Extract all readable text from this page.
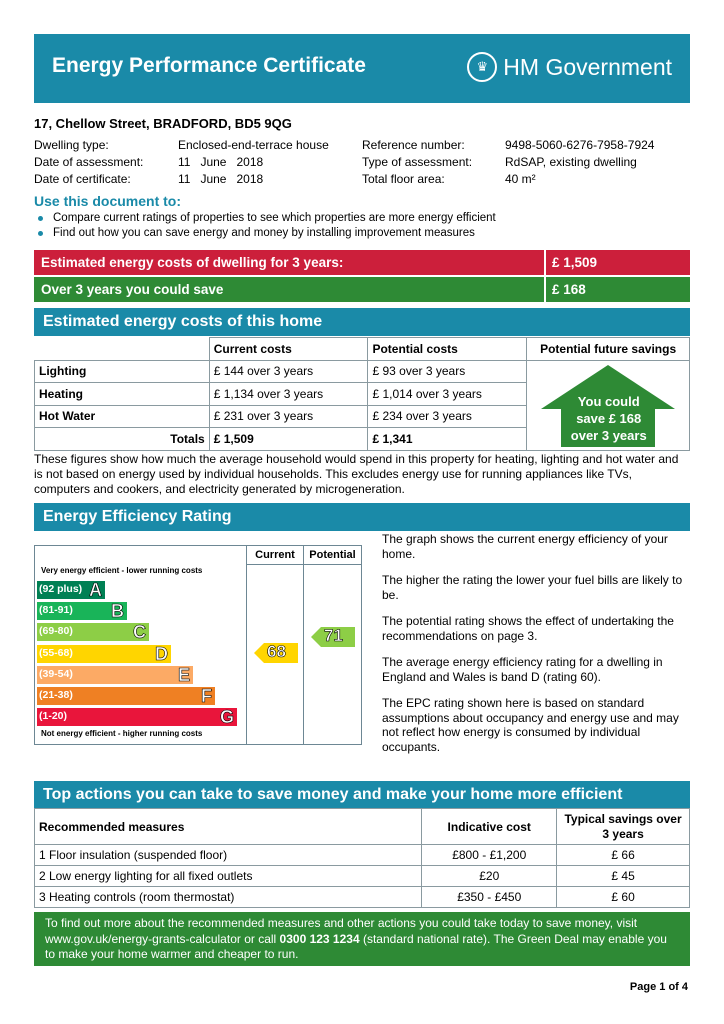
Energy Performance Certificate	♛ HM Government
17, Chellow Street, BRADFORD, BD5 9QG
Dwelling type:	Enclosed-end-terrace house
Date of assessment:	11   June   2018
Date of certificate:	11   June   2018
Reference number:	9498-5060-6276-7958-7924
Type of assessment:	RdSAP, existing dwelling
Total floor area:	40 m²
Use this document to:
Compare current ratings of properties to see which properties are more energy efficient
Find out how you can save energy and money by installing improvement measures
Estimated energy costs of dwelling for 3 years:	£ 1,509
Over 3 years you could save	£ 168
Estimated energy costs of this home
	Current costs	Potential costs	Potential future savings
Lighting	£ 144 over 3 years	£ 93 over 3 years	You could
save £ 168
over 3 years

Heating	£ 1,134 over 3 years	£ 1,014 over 3 years	
Hot Water	£ 231 over 3 years	£ 234 over 3 years	
Totals	£ 1,509	£ 1,341	
These figures show how much the average household would spend in this property for heating, lighting and hot water and is not based on energy used by individual households. This excludes energy use for running appliances like TVs, computers and cookers, and electricity generated by microgeneration.
Energy Efficiency Rating
Current	Potential
Very energy efficient - lower running costs
Not energy efficient - higher running costs
(92 plus) A
(81-91) B
(69-80)	C
(55-68)	D
(39-54)	E
(21-38)	F
(1-20)	G
68
71
The graph shows the current energy efficiency of your home.
The higher the rating the lower your fuel bills are likely to be.
The potential rating shows the effect of undertaking the recommendations on page 3.
The average energy efficiency rating for a dwelling in England and Wales is band D (rating 60).
The EPC rating shown here is based on standard assumptions about occupancy and energy use and may not reflect how energy is consumed by individual occupants.
Top actions you can take to save money and make your home more efficient
Recommended measures	Indicative cost	Typical savings over 3 years
1 Floor insulation (suspended floor)	£800 - £1,200	£ 66
2 Low energy lighting for all fixed outlets	£20	£ 45
3 Heating controls (room thermostat)	£350 - £450	£ 60
To find out more about the recommended measures and other actions you could take today to save money, visit www.gov.uk/energy-grants-calculator or call 0300 123 1234 (standard national rate). The Green Deal may enable you to make your home warmer and cheaper to run.
Page 1 of 4
